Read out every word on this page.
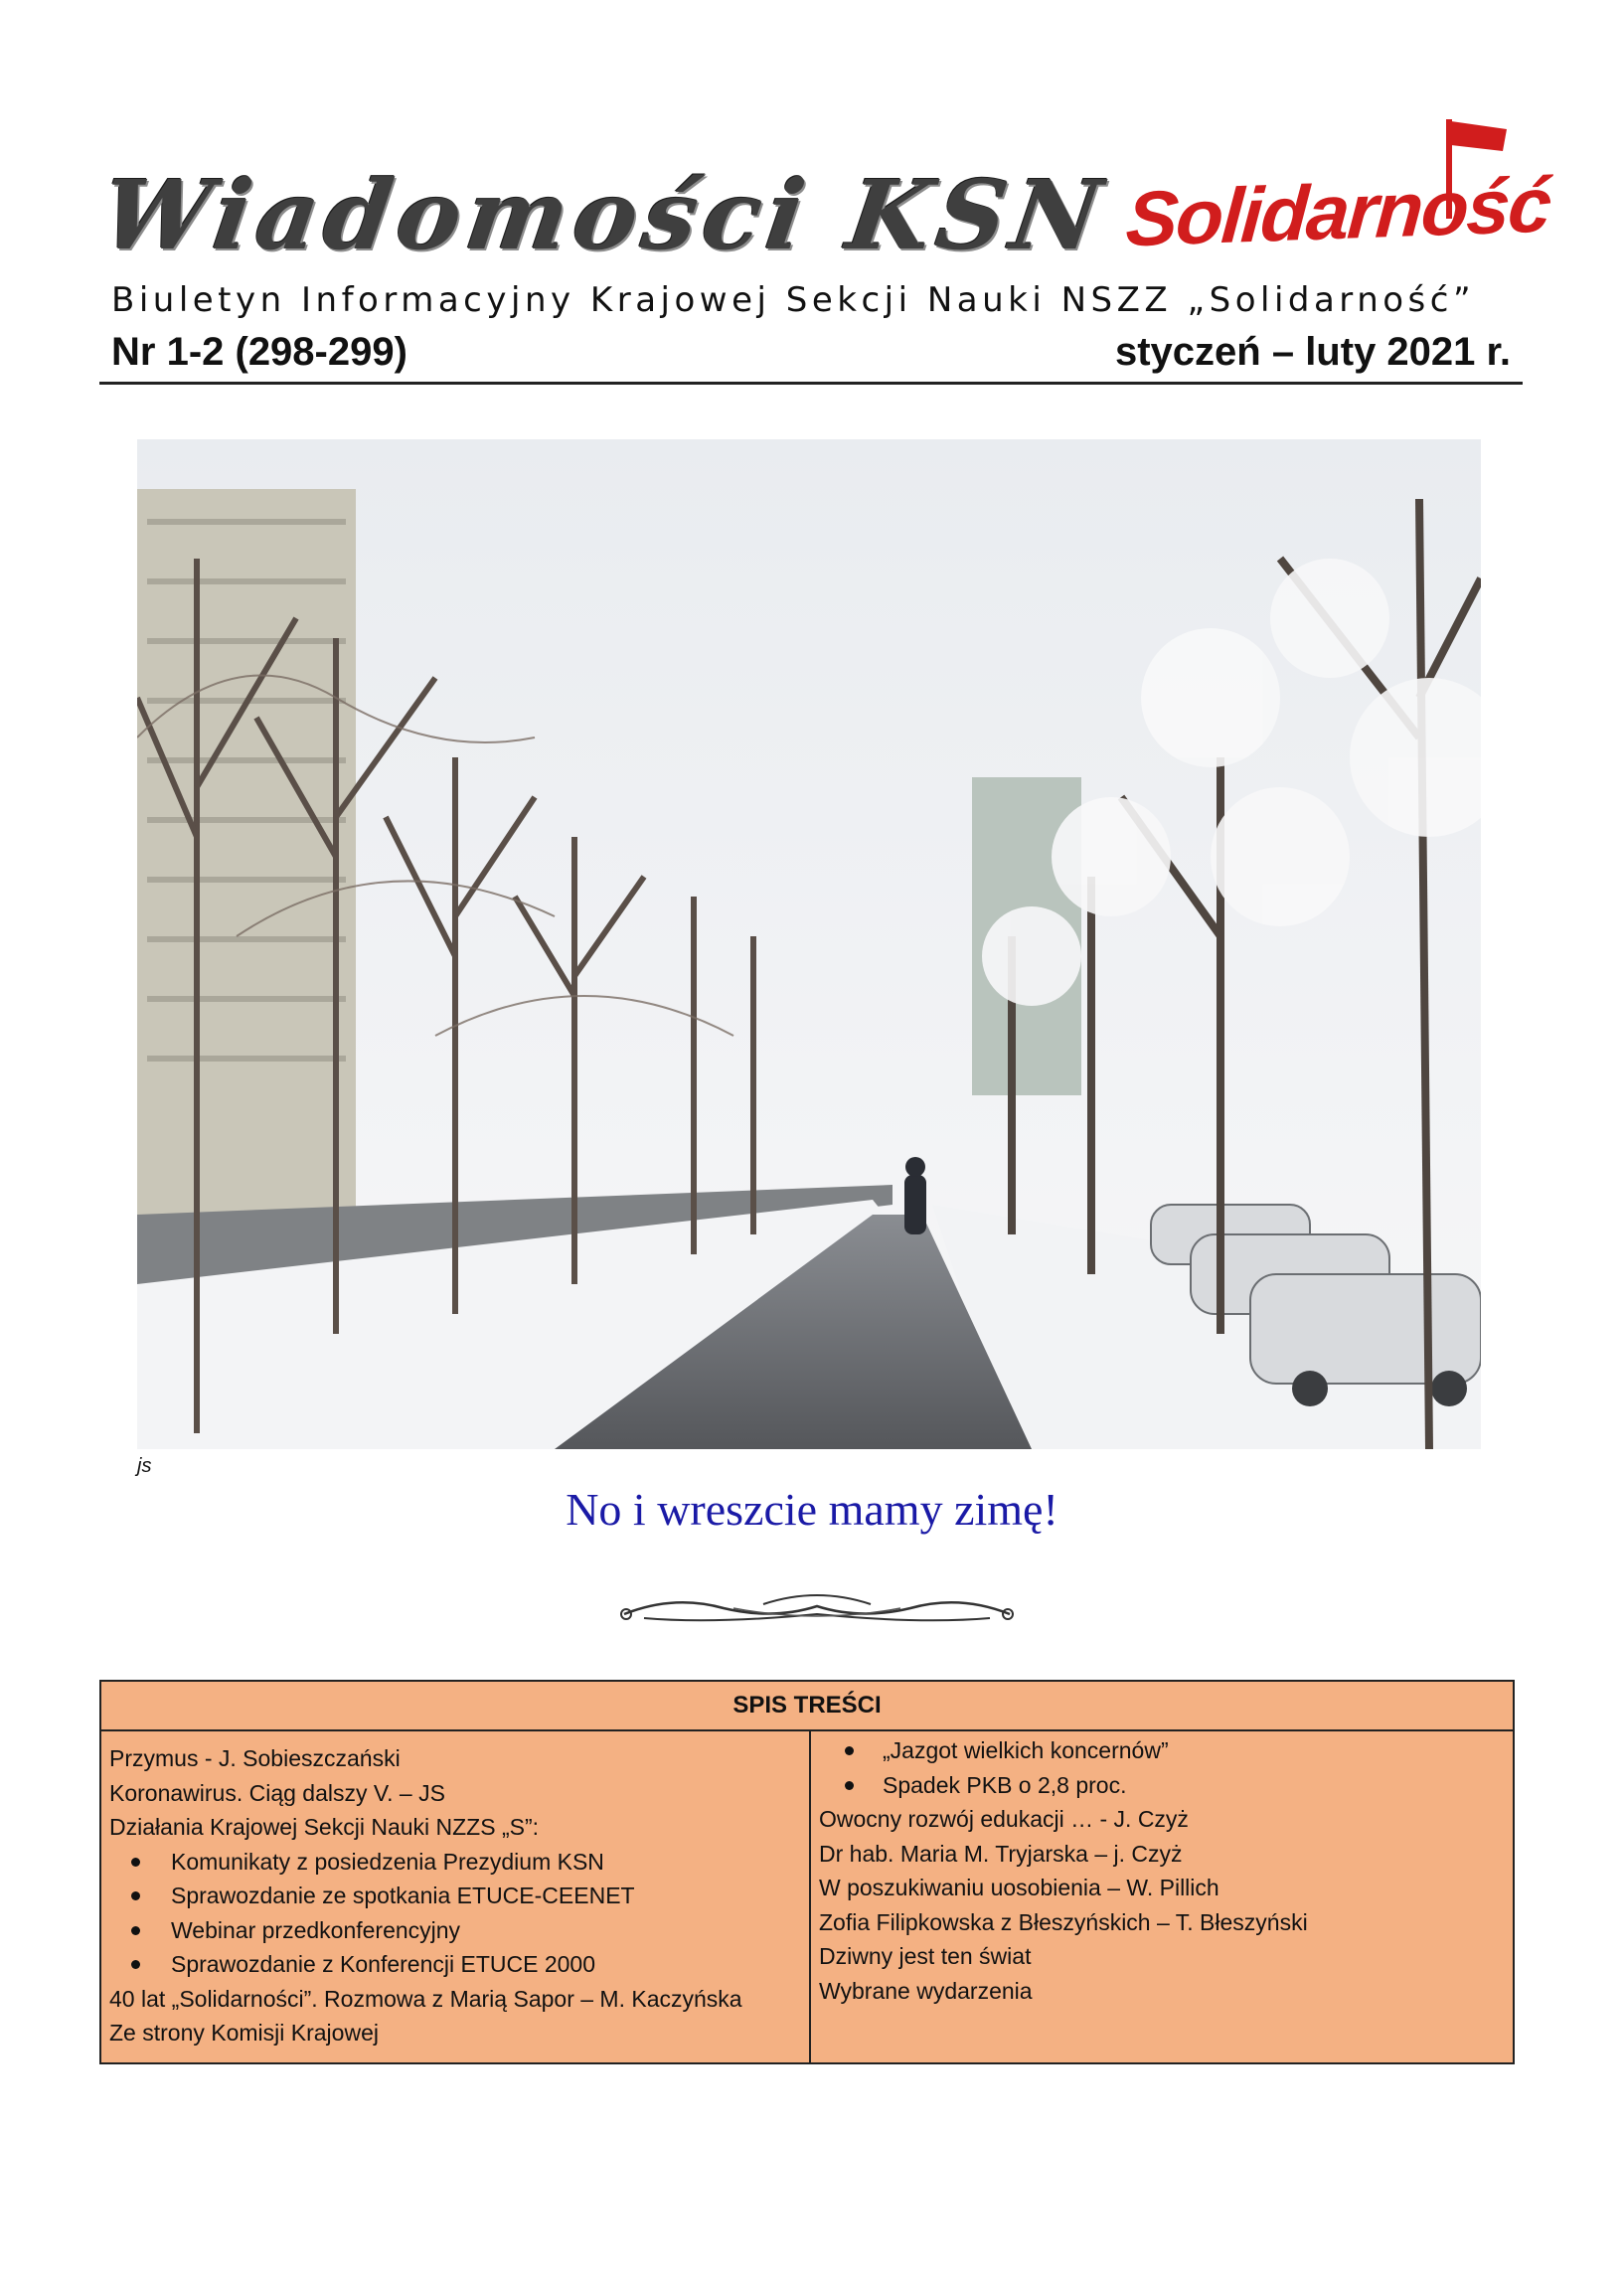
Wiadomości KSN Solidarność
Biuletyn Informacyjny Krajowej Sekcji Nauki NSZZ „Solidarność”
Nr 1-2 (298-299)	styczeń – luty 2021 r.
js
No i wreszcie mamy zimę!
SPIS TREŚCI
Przymus - J. Sobieszczański
Koronawirus. Ciąg dalszy V. – JS
Działania Krajowej Sekcji Nauki NZZS „S”:
Komunikaty z posiedzenia Prezydium KSN
Sprawozdanie ze spotkania ETUCE-CEENET
Webinar przedkonferencyjny
Sprawozdanie z Konferencji ETUCE 2000
40 lat „Solidarności”. Rozmowa z Marią Sapor – M. Kaczyńska
Ze strony Komisji Krajowej
„Jazgot wielkich koncernów”
Spadek PKB o 2,8 proc.
Owocny rozwój edukacji … - J. Czyż
Dr hab. Maria M. Tryjarska – j. Czyż
W poszukiwaniu uosobienia – W. Pillich
Zofia Filipkowska z Błeszyńskich – T. Błeszyński
Dziwny jest ten świat
Wybrane wydarzenia
